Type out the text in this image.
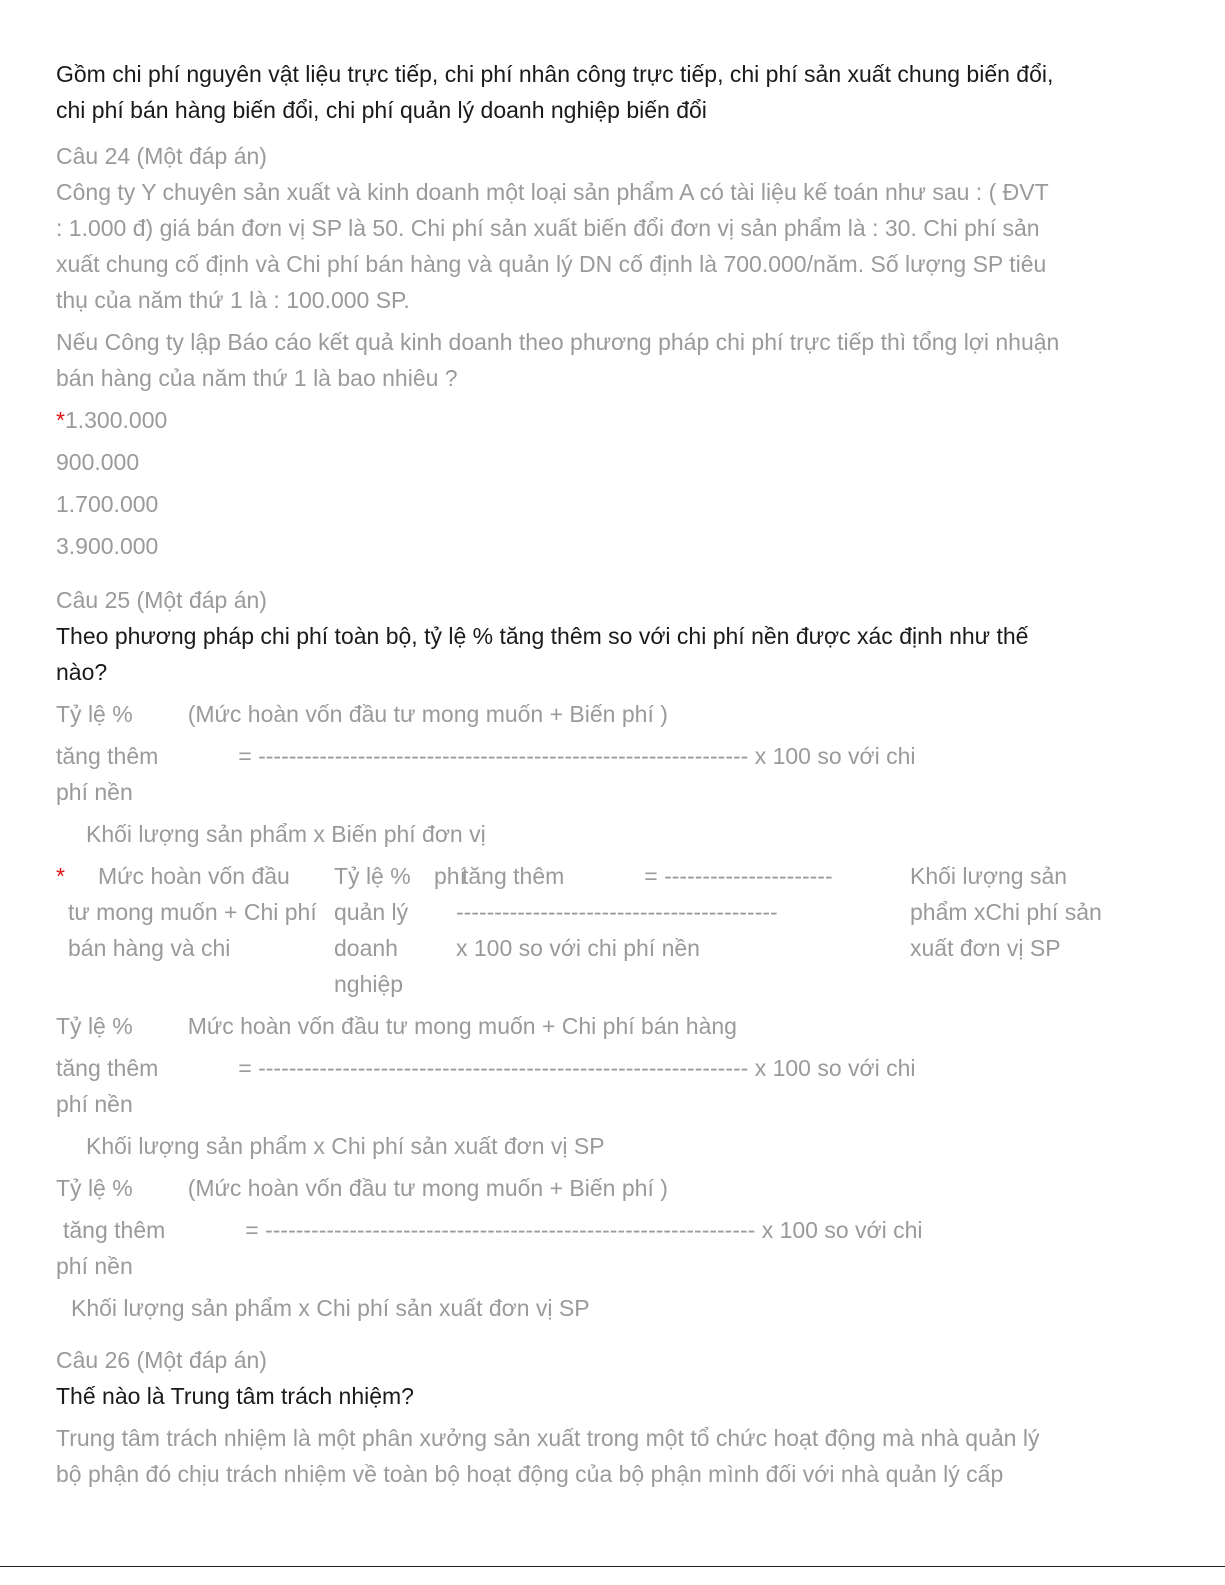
Gồm chi phí nguyên vật liệu trực tiếp, chi phí nhân công trực tiếp, chi phí sản xuất chung biến đổi,

chi phí bán hàng biến đổi, chi phí quản lý doanh nghiệp biến đổi

Câu 24 (Một đáp án)

Công ty Y chuyên sản xuất và kinh doanh một loại sản phẩm A có tài liệu kế toán như sau : ( ĐVT

: 1.000 đ) giá bán đơn vị SP là 50. Chi phí sản xuất biến đổi đơn vị sản phẩm là : 30. Chi phí sản

xuất chung cố định và Chi phí bán hàng và quản lý DN cố định là 700.000/năm. Số lượng SP tiêu

thụ của năm thứ 1 là : 100.000 SP.

Nếu Công ty lập Báo cáo kết quả kinh doanh theo phương pháp chi phí trực tiếp thì tổng lợi nhuận

bán hàng của năm thứ 1 là bao nhiêu ?

*1.300.000

900.000

1.700.000

3.900.000

Câu 25 (Một đáp án)

Theo phương pháp chi phí toàn bộ, tỷ lệ % tăng thêm so với chi phí nền được xác định như thế

nào?

Tỷ lệ % (Mức hoàn vốn đầu tư mong muốn + Biến phí )

tăng thêm	= ---------------------------------------------------------------- x 100 so với chi

phí nền

Khối lượng sản phẩm x Biến phí đơn vị

*	Mức hoàn vốn đầu tư mong muốn + Chi phí bán hàng và chi
Tỷ lệ % quản lý doanh nghiệp
phí
tăng thêm	= ----------------------
------------------------------------------
x 100 so với chi phí nền
Khối lượng sản phẩm xChi phí sản xuất đơn vị SP

Tỷ lệ % Mức hoàn vốn đầu tư mong muốn + Chi phí bán hàng

tăng thêm	= ---------------------------------------------------------------- x 100 so với chi

phí nền

Khối lượng sản phẩm x Chi phí sản xuất đơn vị SP

Tỷ lệ % (Mức hoàn vốn đầu tư mong muốn + Biến phí )

tăng thêm	= ---------------------------------------------------------------- x 100 so với chi

phí nền

Khối lượng sản phẩm x Chi phí sản xuất đơn vị SP

Câu 26 (Một đáp án)

Thế nào là Trung tâm trách nhiệm?

Trung tâm trách nhiệm là một phân xưởng sản xuất trong một tổ chức hoạt động mà nhà quản lý

bộ phận đó chịu trách nhiệm về toàn bộ hoạt động của bộ phận mình đối với nhà quản lý cấp
